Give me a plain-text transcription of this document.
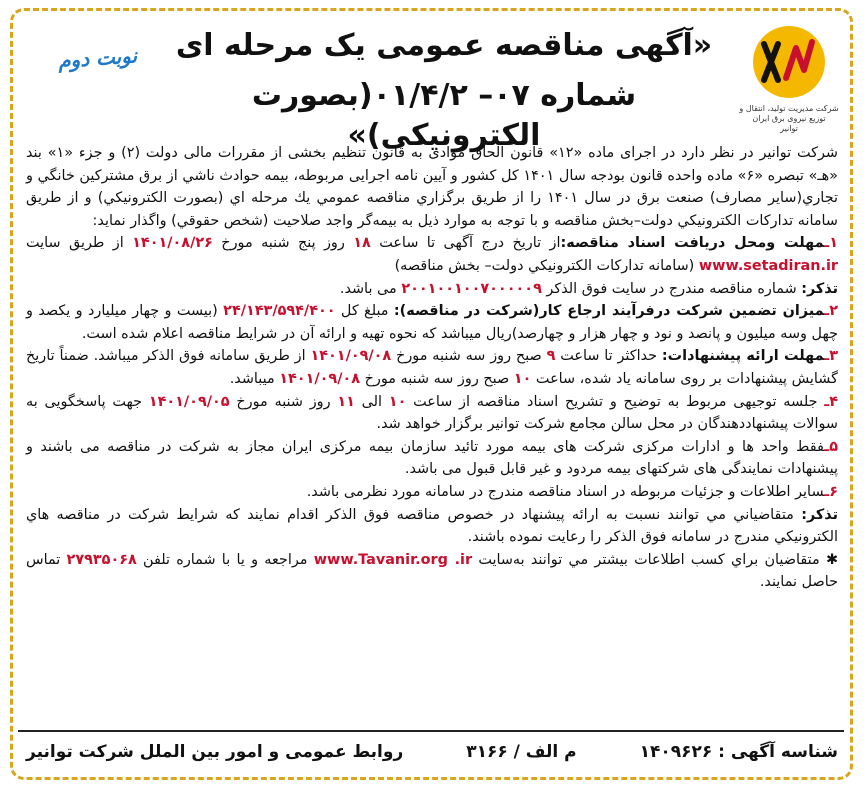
شرکت مدیریت تولید، انتقال و توزیع نیروی برق ایران
توانیر
«آگهی مناقصه عمومی یک مرحله ای
شماره ۰۷– ۰۱/۴/۲(بصورت الکترونیکی)»
نوبت دوم

شرکت توانیر در نظر دارد در اجرای ماده «۱۲» قانون الحاق موادی به قانون تنظیم بخشی از مقررات مالی دولت (۲) و جزء «۱» بند «هـ» تبصره «۶» ماده واحده قانون بودجه سال ۱۴۰۱ کل کشور و آیین نامه اجرایی مربوطه، بیمه حوادث ناشي از برق مشترکین خانگي و تجاري(سایر مصارف) صنعت برق در سال ۱۴۰۱ را از طریق برگزاري مناقصه عمومي یك مرحله اي (بصورت الكترونيكي) و از طریق سامانه تداركات الكترونيكي دولت–بخش مناقصه و با توجه به موارد ذیل به بیمه‌گر واجد صلاحیت (شخص حقوقي) واگذار نماید:

۱ـمهلت ومحل دریافت اسناد مناقصه:از تاریخ درج آگهی تا ساعت ۱۸ روز پنج شنبه مورخ ۱۴۰۱/۰۸/۲۶ از طریق سایت www.setadiran.ir (سامانه تداركات الكترونيكي دولت– بخش مناقصه)

تذکر: شماره مناقصه مندرج در سایت فوق الذکر ۲۰۰۱۰۰۱۰۰۷۰۰۰۰۰۹ می باشد.

۲ـمیزان تضمین شرکت درفرآیند ارجاع کار(شرکت در مناقصه): مبلغ کل ۲۴/۱۴۳/۵۹۴/۴۰۰ (بیست و چهار میلیارد و یکصد و چهل وسه میلیون و پانصد و نود و چهار هزار و چهارصد)ریال میباشد که نحوه تهیه و ارائه آن در شرایط مناقصه اعلام شده است.

۳ـمهلت ارائه پیشنهادات: حداكثر تا ساعت ۹ صبح روز سه شنبه مورخ ۱۴۰۱/۰۹/۰۸ از طریق سامانه فوق الذکر میباشد. ضمناً تاریخ گشایش پیشنهادات بر روی سامانه یاد شده، ساعت ۱۰ صبح روز سه شنبه مورخ ۱۴۰۱/۰۹/۰۸ میباشد.

۴ـ جلسه توجیهی مربوط به توضیح و تشریح اسناد مناقصه از ساعت ۱۰ الی ۱۱ روز شنبه مورخ ۱۴۰۱/۰۹/۰۵ جهت پاسخگویی به سوالات پیشنهاددهندگان در محل سالن مجامع شرکت توانیر برگزار خواهد شد.

۵ـفقط واحد ها و ادارات مرکزی شرکت های بیمه مورد تائید سازمان بیمه مرکزی ایران مجاز به شرکت در مناقصه می باشند و پیشنهادات نمایندگی های شرکتهای بیمه مردود و غیر قابل قبول می باشد.

۶ـسایر اطلاعات و جزئیات مربوطه در اسناد مناقصه مندرج در سامانه مورد نظرمی باشد.

تذکر: متقاضياني مي توانند نسبت به ارائه پیشنهاد در خصوص مناقصه فوق الذکر اقدام نمایند که شرایط شرکت در مناقصه هاي الكترونيكي مندرج در سامانه فوق الذكر را رعایت نموده باشند.

✱ متقاضيان براي كسب اطلاعات بيشتر مي توانند به‌سايت www.Tavanir.org .ir مراجعه و یا با شماره تلفن ۲۷۹۳۵۰۶۸ تماس حاصل نمایند.

شناسه آگهی : ۱۴۰۹۶۲۶
م الف / ۳۱۶۶
روابط عمومی و امور بین الملل شرکت توانیر
